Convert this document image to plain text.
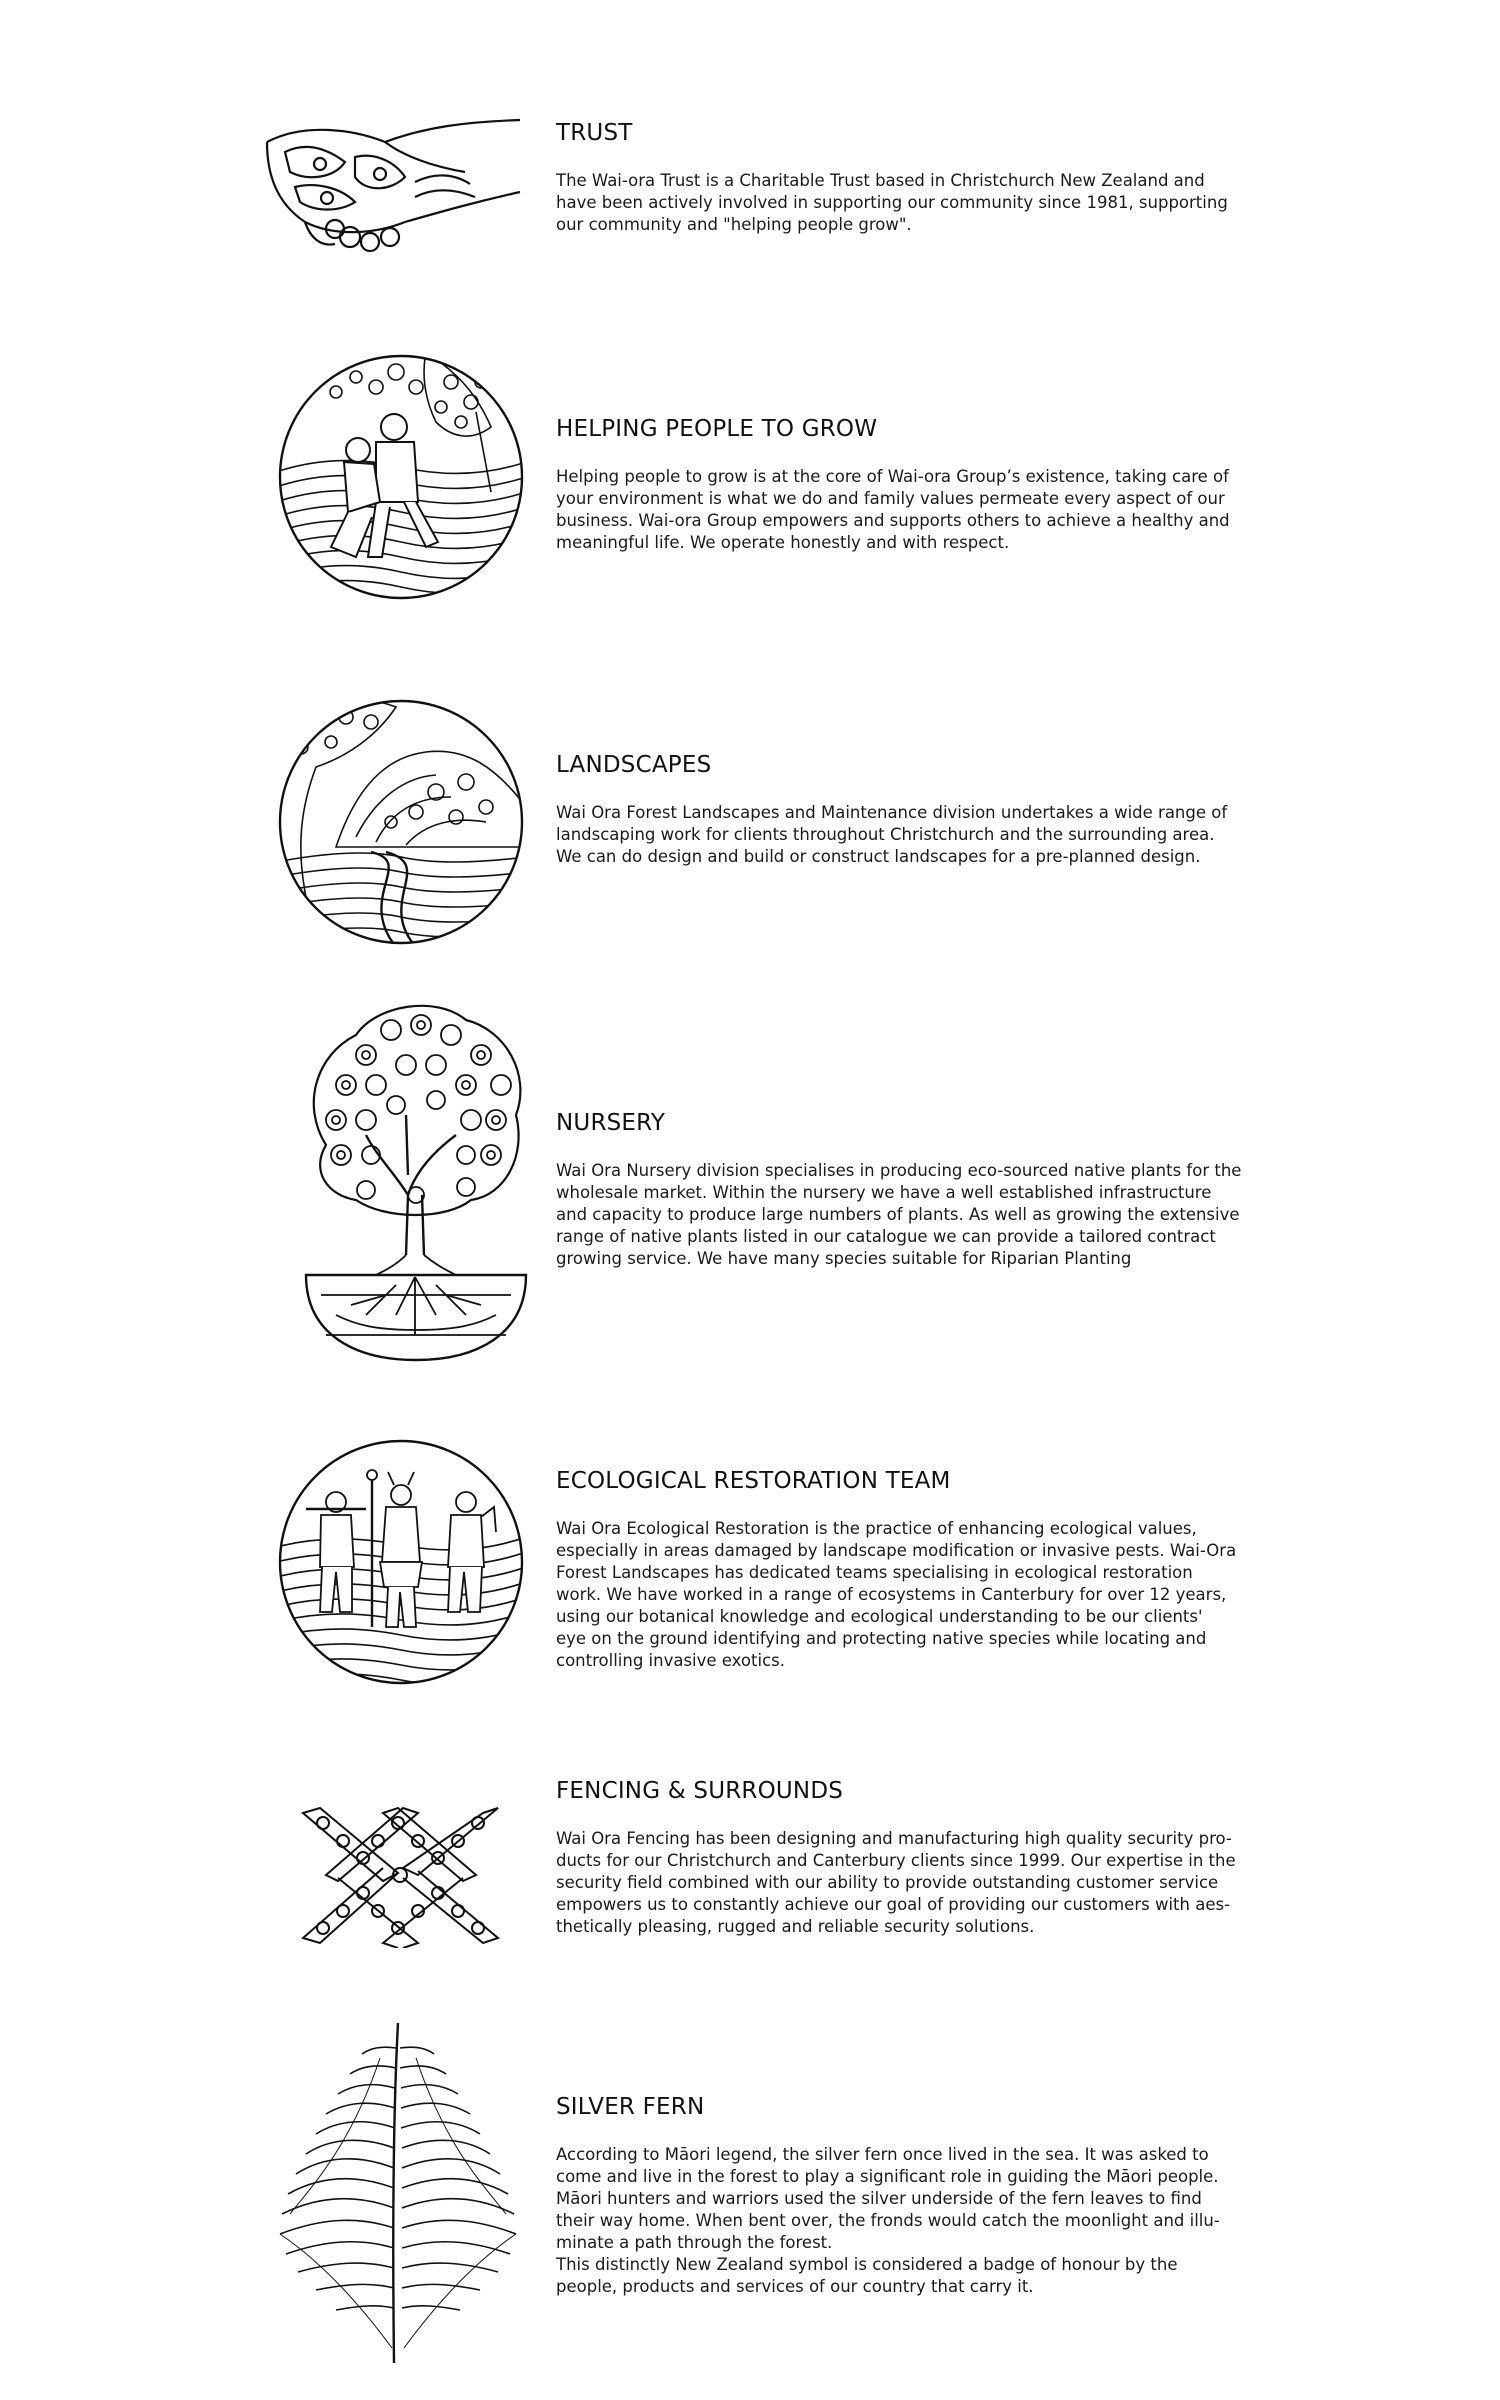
TRUST

The Wai-ora Trust is a Charitable Trust based in Christchurch New Zealand and
have been actively involved in supporting our community since 1981, supporting
our community and "helping people grow".

HELPING PEOPLE TO GROW

Helping people to grow is at the core of Wai-ora Group’s existence, taking care of
your environment is what we do and family values permeate every aspect of our
business. Wai-ora Group empowers and supports others to achieve a healthy and
meaningful life. We operate honestly and with respect.

LANDSCAPES

Wai Ora Forest Landscapes and Maintenance division undertakes a wide range of
landscaping work for clients throughout Christchurch and the surrounding area.
We can do design and build or construct landscapes for a pre-planned design.

NURSERY

Wai Ora Nursery division specialises in producing eco-sourced native plants for the
wholesale market. Within the nursery we have a well established infrastructure
and capacity to produce large numbers of plants. As well as growing the extensive
range of native plants listed in our catalogue we can provide a tailored contract
growing service. We have many species suitable for Riparian Planting

ECOLOGICAL RESTORATION TEAM

Wai Ora Ecological Restoration is the practice of enhancing ecological values,
especially in areas damaged by landscape modification or invasive pests. Wai-Ora
Forest Landscapes has dedicated teams specialising in ecological restoration
work. We have worked in a range of ecosystems in Canterbury for over 12 years,
using our botanical knowledge and ecological understanding to be our clients'
eye on the ground identifying and protecting native species while locating and
controlling invasive exotics.

FENCING & SURROUNDS

Wai Ora Fencing has been designing and manufacturing high quality security pro-
ducts for our Christchurch and Canterbury clients since 1999. Our expertise in the
security field combined with our ability to provide outstanding customer service
empowers us to constantly achieve our goal of providing our customers with aes-
thetically pleasing, rugged and reliable security solutions.

SILVER FERN

According to Māori legend, the silver fern once lived in the sea. It was asked to
come and live in the forest to play a significant role in guiding the Māori people.
Māori hunters and warriors used the silver underside of the fern leaves to find
their way home. When bent over, the fronds would catch the moonlight and illu-
minate a path through the forest.
This distinctly New Zealand symbol is considered a badge of honour by the
people, products and services of our country that carry it.
